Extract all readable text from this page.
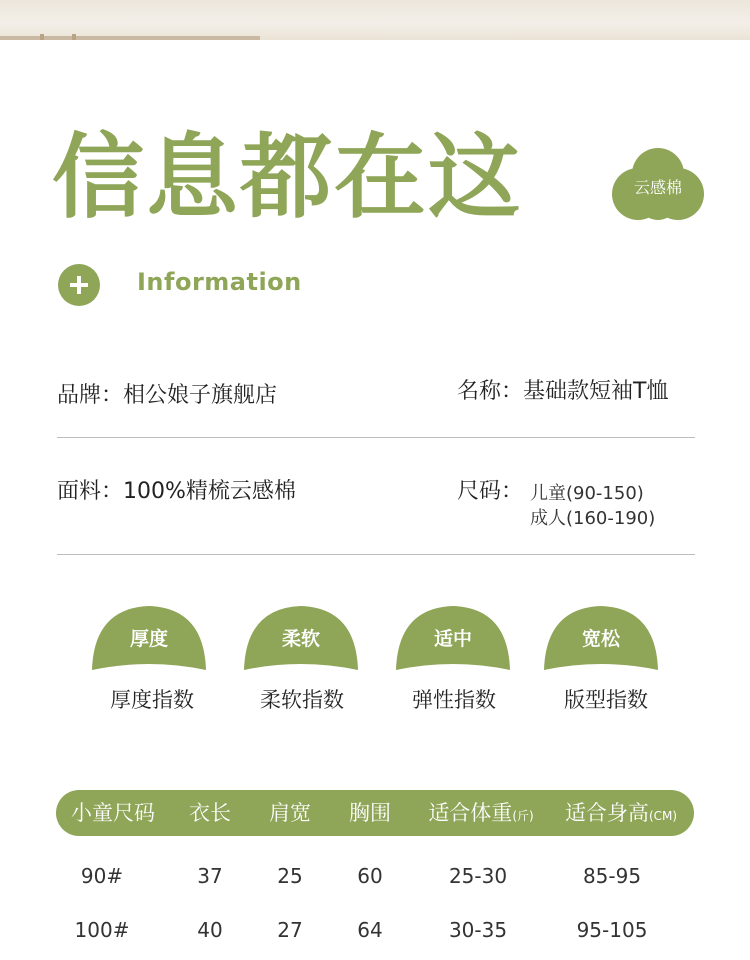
信息都在这	云感棉
Information
品牌：相公娘子旗舰店	名称：基础款短袖T恤
面料：100%精梳云感棉	尺码： 儿童(90-150)
成人(160-190)
厚度
厚度指数
柔软
柔软指数
适中
弹性指数
宽松
版型指数
小童尺码	衣长	肩宽	胸围	适合体重(斤)	适合身高(CM)
90#	37	25	60	25-30	85-95
100#	40	27	64	30-35	95-105
